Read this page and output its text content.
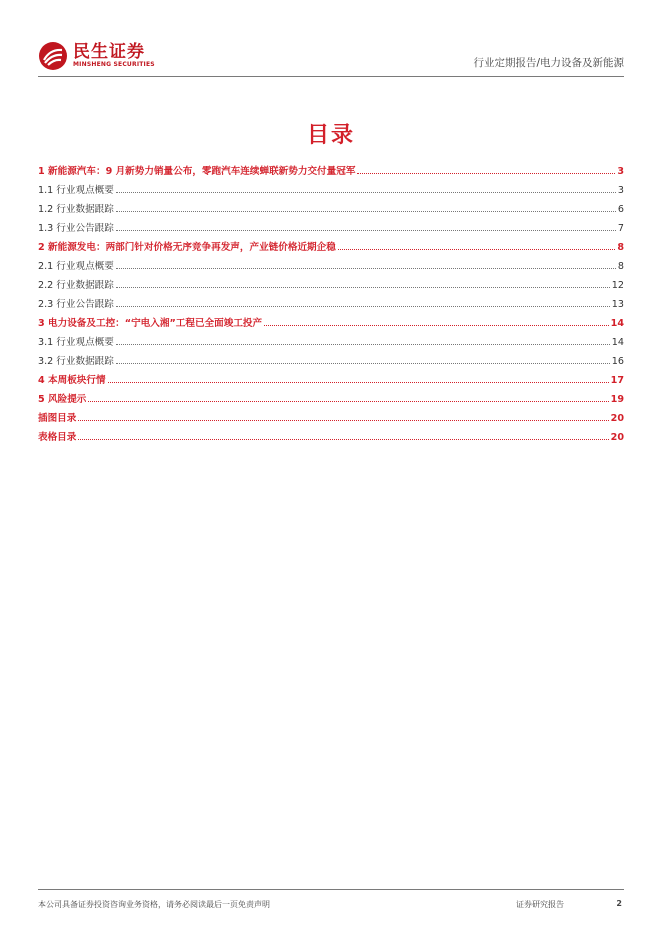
民生证券
MINSHENG SECURITIES	行业定期报告/电力设备及新能源
目录
1 新能源汽车：9 月新势力销量公布，零跑汽车连续蝉联新势力交付量冠军	3
1.1 行业观点概要	3
1.2 行业数据跟踪	6
1.3 行业公告跟踪	7
2 新能源发电：两部门针对价格无序竞争再发声，产业链价格近期企稳	8
2.1 行业观点概要	8
2.2 行业数据跟踪	12
2.3 行业公告跟踪	13
3 电力设备及工控：“宁电入湘”工程已全面竣工投产	14
3.1 行业观点概要	14
3.2 行业数据跟踪	16
4 本周板块行情	17
5 风险提示	19
插图目录	20
表格目录	20
本公司具备证券投资咨询业务资格，请务必阅读最后一页免责声明	证券研究报告	2
